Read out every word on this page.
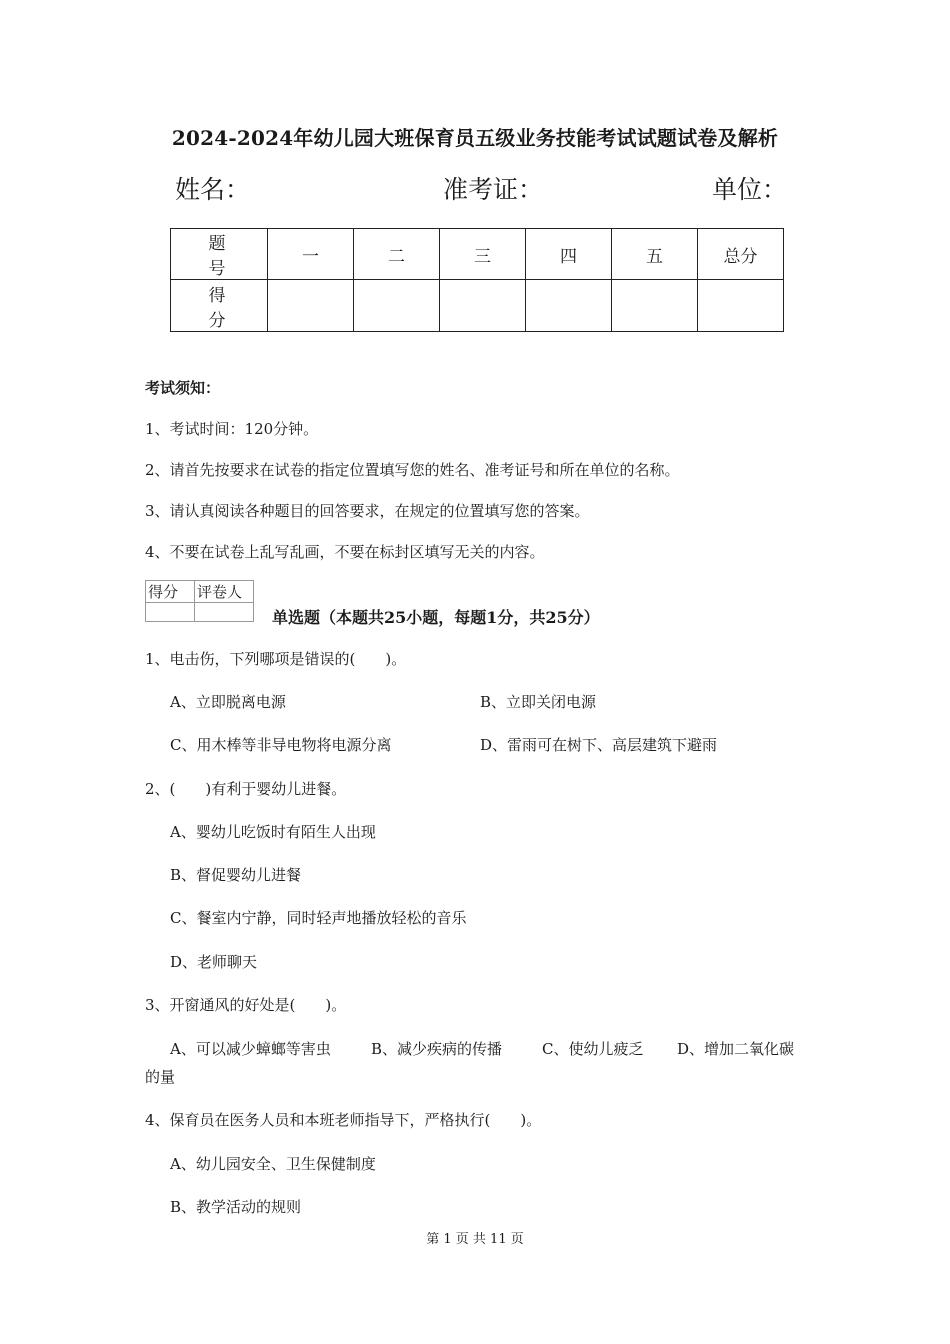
2024-2024年幼儿园大班保育员五级业务技能考试试题试卷及解析
姓名：	准考证：	单位：
题　号	一	二	三	四	五	总分
得　分						
考试须知：
1、考试时间：120分钟。
2、请首先按要求在试卷的指定位置填写您的姓名、准考证号和所在单位的名称。
3、请认真阅读各种题目的回答要求，在规定的位置填写您的答案。
4、不要在试卷上乱写乱画，不要在标封区填写无关的内容。
得分	评卷人

单选题（本题共25小题，每题1分，共25分）
1、电击伤，下列哪项是错误的(　　)。
A、立即脱离电源	B、立即关闭电源
C、用木棒等非导电物将电源分离	D、雷雨可在树下、高层建筑下避雨
2、(　　)有利于婴幼儿进餐。
A、婴幼儿吃饭时有陌生人出现
B、督促婴幼儿进餐
C、餐室内宁静，同时轻声地播放轻松的音乐
D、老师聊天
3、开窗通风的好处是(　　)。
A、可以减少蟑螂等害虫	B、减少疾病的传播	C、使幼儿疲乏 D、增加二氧化碳
的量
4、保育员在医务人员和本班老师指导下，严格执行(　　)。
A、幼儿园安全、卫生保健制度
B、教学活动的规则
第 1 页 共 11 页
